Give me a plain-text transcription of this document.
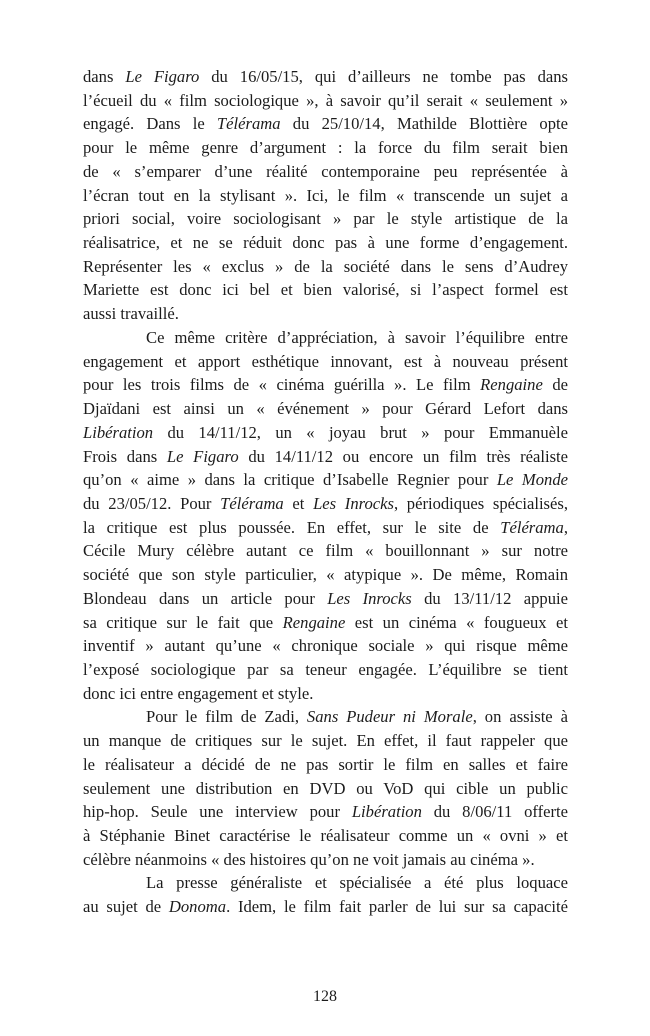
dans Le Figaro du 16/05/15, qui d’ailleurs ne tombe pas dans
l’écueil du « film sociologique », à savoir qu’il serait « seulement »
engagé. Dans le Télérama du 25/10/14, Mathilde Blottière opte
pour le même genre d’argument : la force du film serait bien
de « s’emparer d’une réalité contemporaine peu représentée à
l’écran tout en la stylisant ». Ici, le film « transcende un sujet a
priori social, voire sociologisant » par le style artistique de la
réalisatrice, et ne se réduit donc pas à une forme d’engagement.
Représenter les « exclus » de la société dans le sens d’Audrey
Mariette est donc ici bel et bien valorisé, si l’aspect formel est
aussi travaillé.
Ce même critère d’appréciation, à savoir l’équilibre entre
engagement et apport esthétique innovant, est à nouveau présent
pour les trois films de « cinéma guérilla ». Le film Rengaine de
Djaïdani est ainsi un « événement » pour Gérard Lefort dans
Libération du 14/11/12, un « joyau brut » pour Emmanuèle
Frois dans Le Figaro du 14/11/12 ou encore un film très réaliste
qu’on « aime » dans la critique d’Isabelle Regnier pour Le Monde
du 23/05/12. Pour Télérama et Les Inrocks, périodiques spécialisés,
la critique est plus poussée. En effet, sur le site de Télérama,
Cécile Mury célèbre autant ce film « bouillonnant » sur notre
société que son style particulier, « atypique ». De même, Romain
Blondeau dans un article pour Les Inrocks du 13/11/12 appuie
sa critique sur le fait que Rengaine est un cinéma « fougueux et
inventif » autant qu’une « chronique sociale » qui risque même
l’exposé sociologique par sa teneur engagée. L’équilibre se tient
donc ici entre engagement et style.
Pour le film de Zadi, Sans Pudeur ni Morale, on assiste à
un manque de critiques sur le sujet. En effet, il faut rappeler que
le réalisateur a décidé de ne pas sortir le film en salles et faire
seulement une distribution en DVD ou VoD qui cible un public
hip-hop. Seule une interview pour Libération du 8/06/11 offerte
à Stéphanie Binet caractérise le réalisateur comme un « ovni » et
célèbre néanmoins « des histoires qu’on ne voit jamais au cinéma ».
La presse généraliste et spécialisée a été plus loquace
au sujet de Donoma. Idem, le film fait parler de lui sur sa capacité
128
